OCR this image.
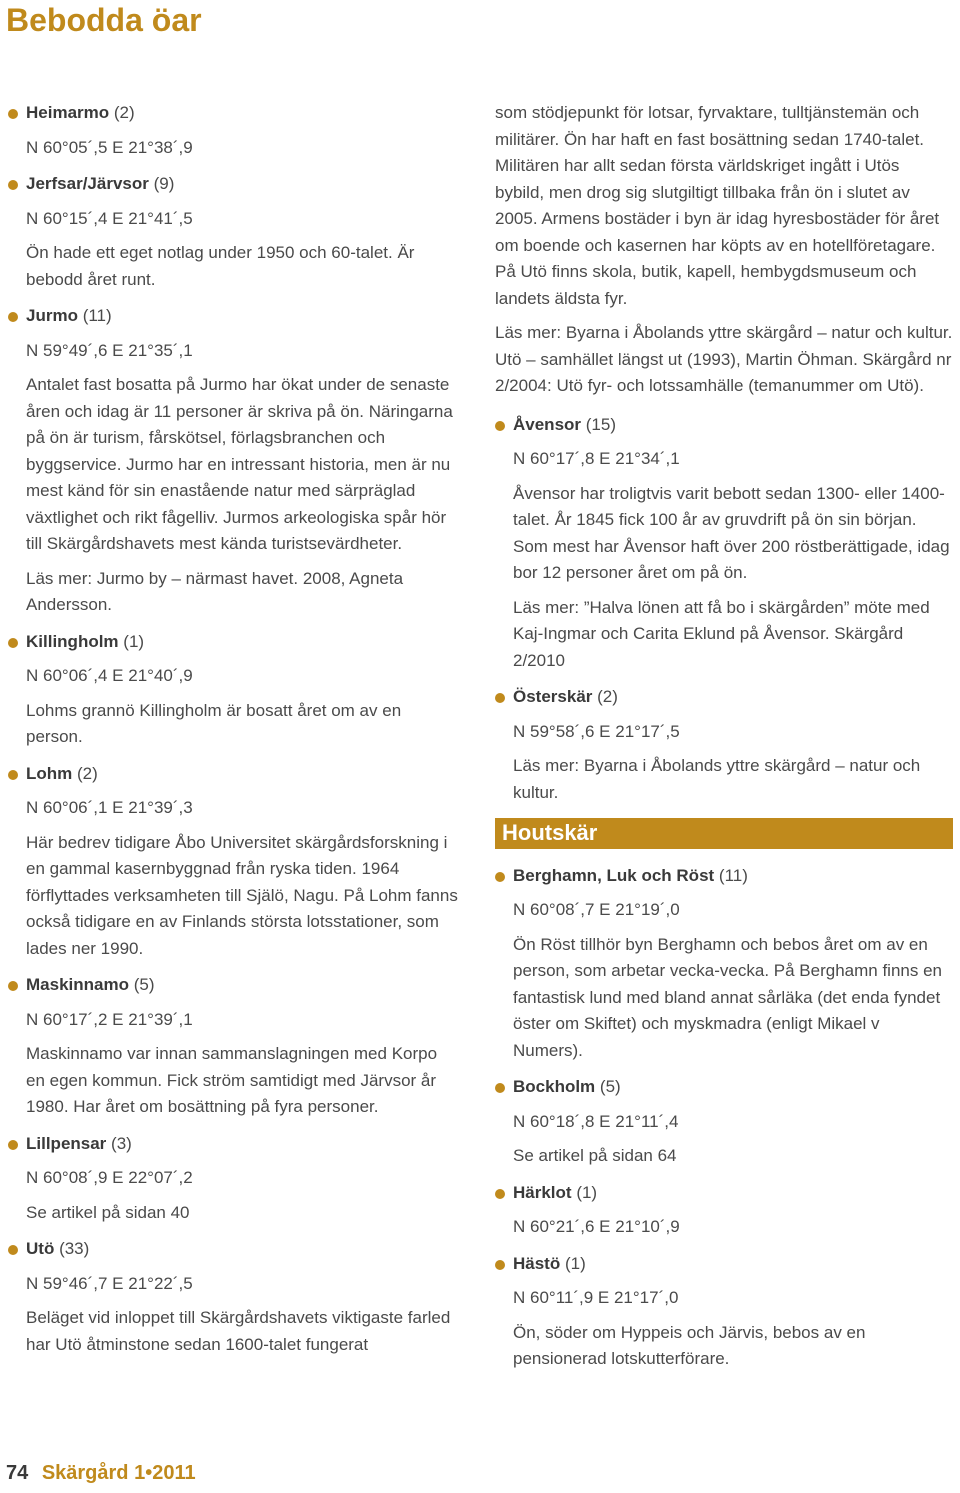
Bebodda öar
Heimarmo (2)
N 60°05´,5 E 21°38´,9
Jerfsar/Järvsor (9)
N 60°15´,4 E 21°41´,5
Ön hade ett eget notlag under 1950 och 60-talet. Är bebodd året runt.
Jurmo (11)
N 59°49´,6 E 21°35´,1
Antalet fast bosatta på Jurmo har ökat under de senaste åren och idag är 11 personer är skriva på ön. Näringarna på ön är turism, fårskötsel, förlagsbranchen och byggservice. Jurmo har en intressant historia, men är nu mest känd för sin enastående natur med särpräglad växtlighet och rikt fågelliv. Jurmos arkeologiska spår hör till Skärgårdshavets mest kända turistsevärdheter.
Läs mer: Jurmo by – närmast havet. 2008, Agneta Andersson.
Killingholm (1)
N 60°06´,4 E 21°40´,9
Lohms grannö Killingholm är bosatt året om av en person.
Lohm (2)
N 60°06´,1 E 21°39´,3
Här bedrev tidigare Åbo Universitet skärgårdsforskning i en gammal kasernbyggnad från ryska tiden. 1964 förflyttades verksamheten till Själö, Nagu. På Lohm fanns också tidigare en av Finlands största lotsstationer, som lades ner 1990.
Maskinnamo (5)
N 60°17´,2 E 21°39´,1
Maskinnamo var innan sammanslagningen med Korpo en egen kommun. Fick ström samtidigt med Järvsor år 1980. Har året om bosättning på fyra personer.
Lillpensar (3)
N 60°08´,9 E 22°07´,2
Se artikel på sidan 40
Utö (33)
N 59°46´,7 E 21°22´,5
Beläget vid inloppet till Skärgårdshavets viktigaste farled har Utö åtminstone sedan 1600-talet fungerat
som stödjepunkt för lotsar, fyrvaktare, tulltjänstemän och militärer. Ön har haft en fast bosättning sedan 1740-talet. Militären har allt sedan första världskriget ingått i Utös bybild, men drog sig slutgiltigt tillbaka från ön i slutet av 2005. Armens bostäder i byn är idag hyresbostäder för året om boende och kasernen har köpts av en hotellföretagare. På Utö finns skola, butik, kapell, hembygdsmuseum och landets äldsta fyr.
Läs mer: Byarna i Åbolands yttre skärgård – natur och kultur. Utö – samhället längst ut (1993), Martin Öhman. Skärgård nr 2/2004: Utö fyr- och lotssamhälle (temanummer om Utö).
Åvensor (15)
N 60°17´,8 E 21°34´,1
Åvensor har troligtvis varit bebott sedan 1300- eller 1400-talet. År 1845 fick 100 år av gruvdrift på ön sin början. Som mest har Åvensor haft över 200 röstberättigade, idag bor 12 personer året om på ön.
Läs mer: ”Halva lönen att få bo i skärgården” möte med Kaj-Ingmar och Carita Eklund på Åvensor. Skärgård 2/2010
Österskär (2)
N 59°58´,6 E 21°17´,5
Läs mer: Byarna i Åbolands yttre skärgård – natur och kultur.
Houtskär
Berghamn, Luk och Röst (11)
N 60°08´,7 E 21°19´,0
Ön Röst tillhör byn Berghamn och bebos året om av en person, som arbetar vecka-vecka. På Berghamn finns en fantastisk lund med bland annat sårläka (det enda fyndet öster om Skiftet) och myskmadra (enligt Mikael v Numers).
Bockholm (5)
N 60°18´,8 E 21°11´,4
Se artikel på sidan 64
Härklot (1)
N 60°21´,6 E 21°10´,9
Hästö (1)
N 60°11´,9 E 21°17´,0
Ön, söder om Hyppeis och Järvis, bebos av en pensionerad lotskutterförare.
74 Skärgård 1•2011
